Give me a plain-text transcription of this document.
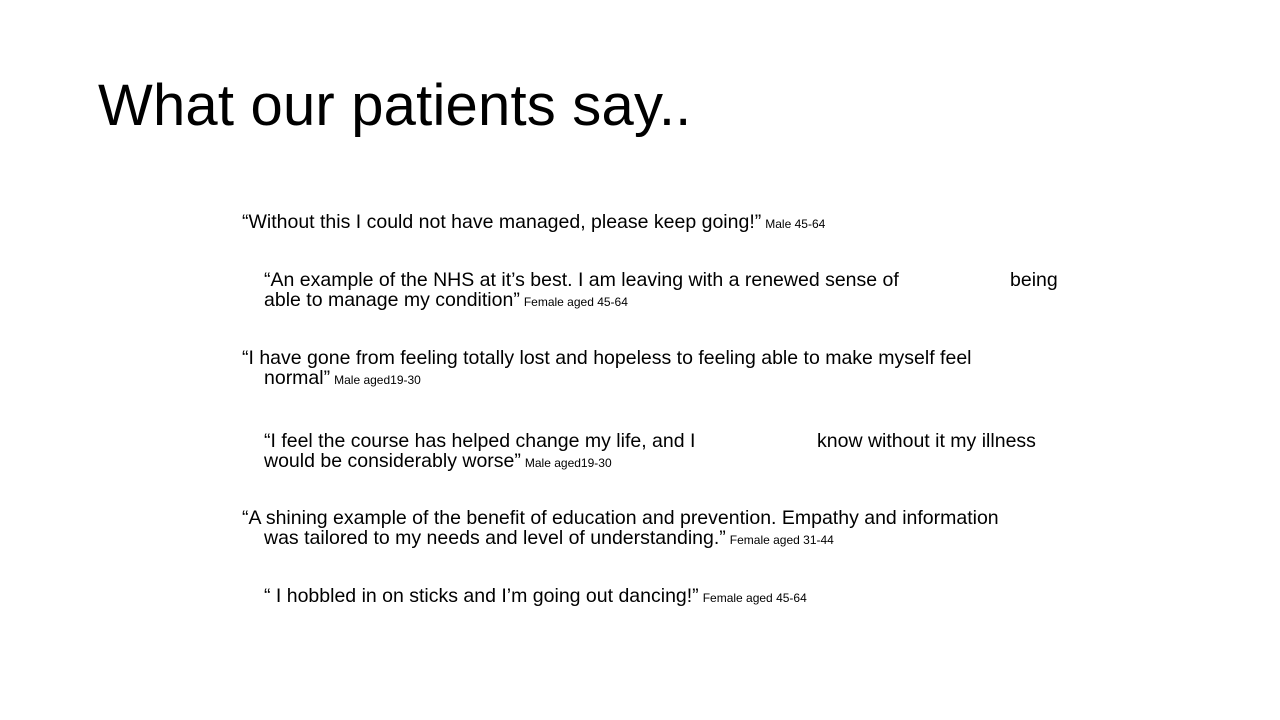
What our patients say..
“Without this I could not have managed, please keep going!” Male 45-64
“An example of the NHS at it’s best. I am leaving with a renewed sense of	being
able to manage my condition” Female aged 45-64
“I have gone from feeling totally lost and hopeless to feeling able to make myself feel
normal” Male aged19-30
“I feel the course has helped change my life, and I	know without it my illness
would be considerably worse” Male aged19-30
“A shining example of the benefit of education and prevention. Empathy and information
was tailored to my needs and level of understanding.” Female aged 31-44
“ I hobbled in on sticks and I’m going out dancing!” Female aged 45-64
